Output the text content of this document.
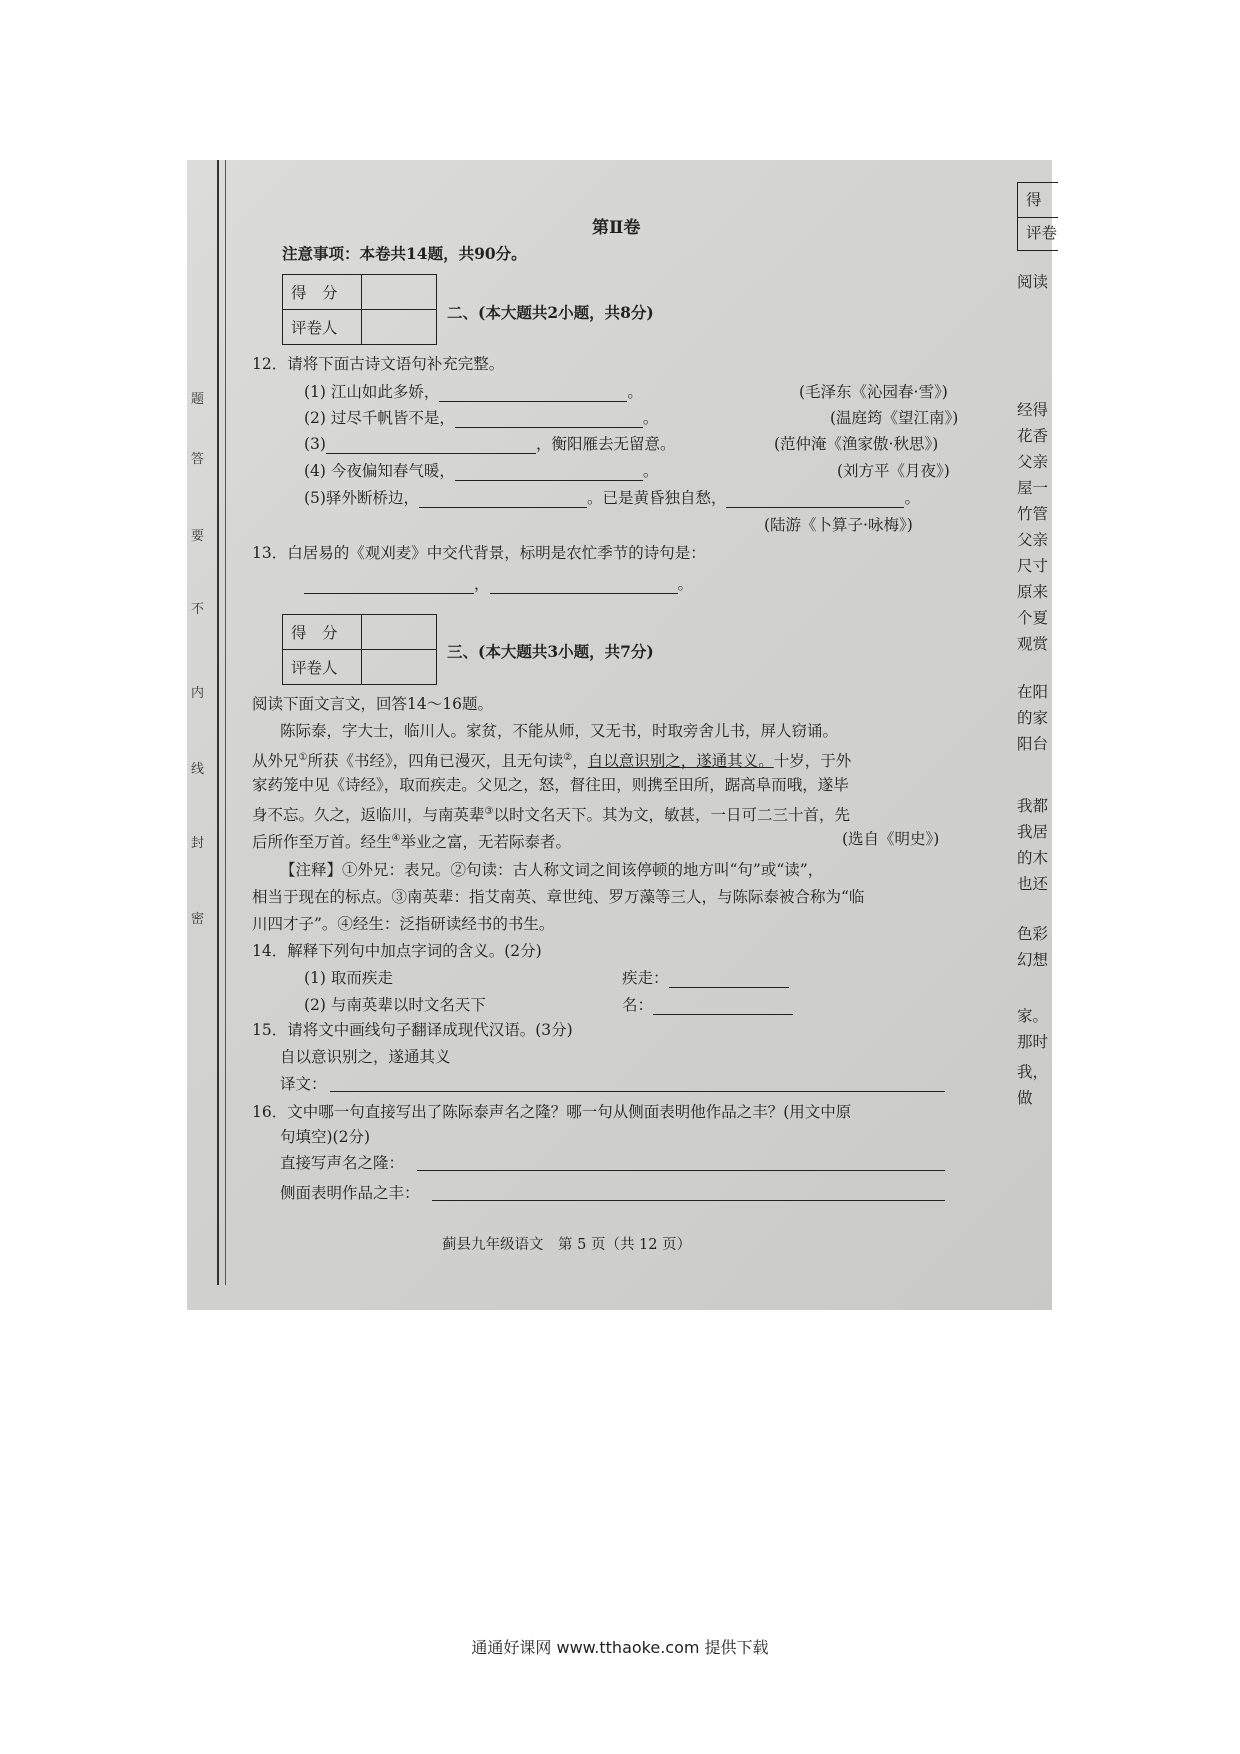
题
答
要
不
内
线
封
密
第Ⅱ卷
注意事项：本卷共14题，共90分。
得　分	
评卷人	
二、(本大题共2小题，共8分)
12．请将下面古诗文语句补充完整。
(1) 江山如此多娇，	。	(毛泽东《沁园春·雪》)
(2) 过尽千帆皆不是，	。	(温庭筠《望江南》)
(3)	，衡阳雁去无留意。	(范仲淹《渔家傲·秋思》)
(4) 今夜偏知春气暖，	。	(刘方平《月夜》)
(5)驿外断桥边，	。已是黄昏独自愁，	。
(陆游《卜算子·咏梅》)
13．白居易的《观刈麦》中交代背景，标明是农忙季节的诗句是：
，	。
得　分	
评卷人	
三、(本大题共3小题，共7分)
阅读下面文言文，回答14～16题。
陈际泰，字大士，临川人。家贫，不能从师，又无书，时取旁舍儿书，屏人窃诵。
从外兄①所获《书经》，四角已漫灭，且无句读②，自以意识别之，遂通其义。十岁，于外
家药笼中见《诗经》，取而疾走。父见之，怒，督往田，则携至田所，踞高阜而哦，遂毕
身不忘。久之，返临川，与南英辈③以时文名天下。其为文，敏甚，一日可二三十首，先
后所作至万首。经生④举业之富，无若际泰者。	(选自《明史》)
【注释】①外兄：表兄。②句读：古人称文词之间该停顿的地方叫“句”或“读”，
相当于现在的标点。③南英辈：指艾南英、章世纯、罗万藻等三人，与陈际泰被合称为“临
川四才子”。④经生：泛指研读经书的书生。
14．解释下列句中加点字词的含义。(2分)
(1) 取而疾走	疾走：
(2) 与南英辈以时文名天下	名：
15．请将文中画线句子翻译成现代汉语。(3分)
自以意识别之，遂通其义
译文：
16．文中哪一句直接写出了陈际泰声名之隆？哪一句从侧面表明他作品之丰？(用文中原
句填空)(2分)
直接写声名之隆：
侧面表明作品之丰：
蓟县九年级语文　第 5 页（共 12 页）
得
评卷
阅读
经得
花香
父亲
屋一
竹管
父亲
尺寸
原来
个夏
观赏
在阳
的家
阳台
我都
我居
的木
也还
色彩
幻想
家。
那时
我，
做
通通好课网 www.tthaoke.com 提供下载
